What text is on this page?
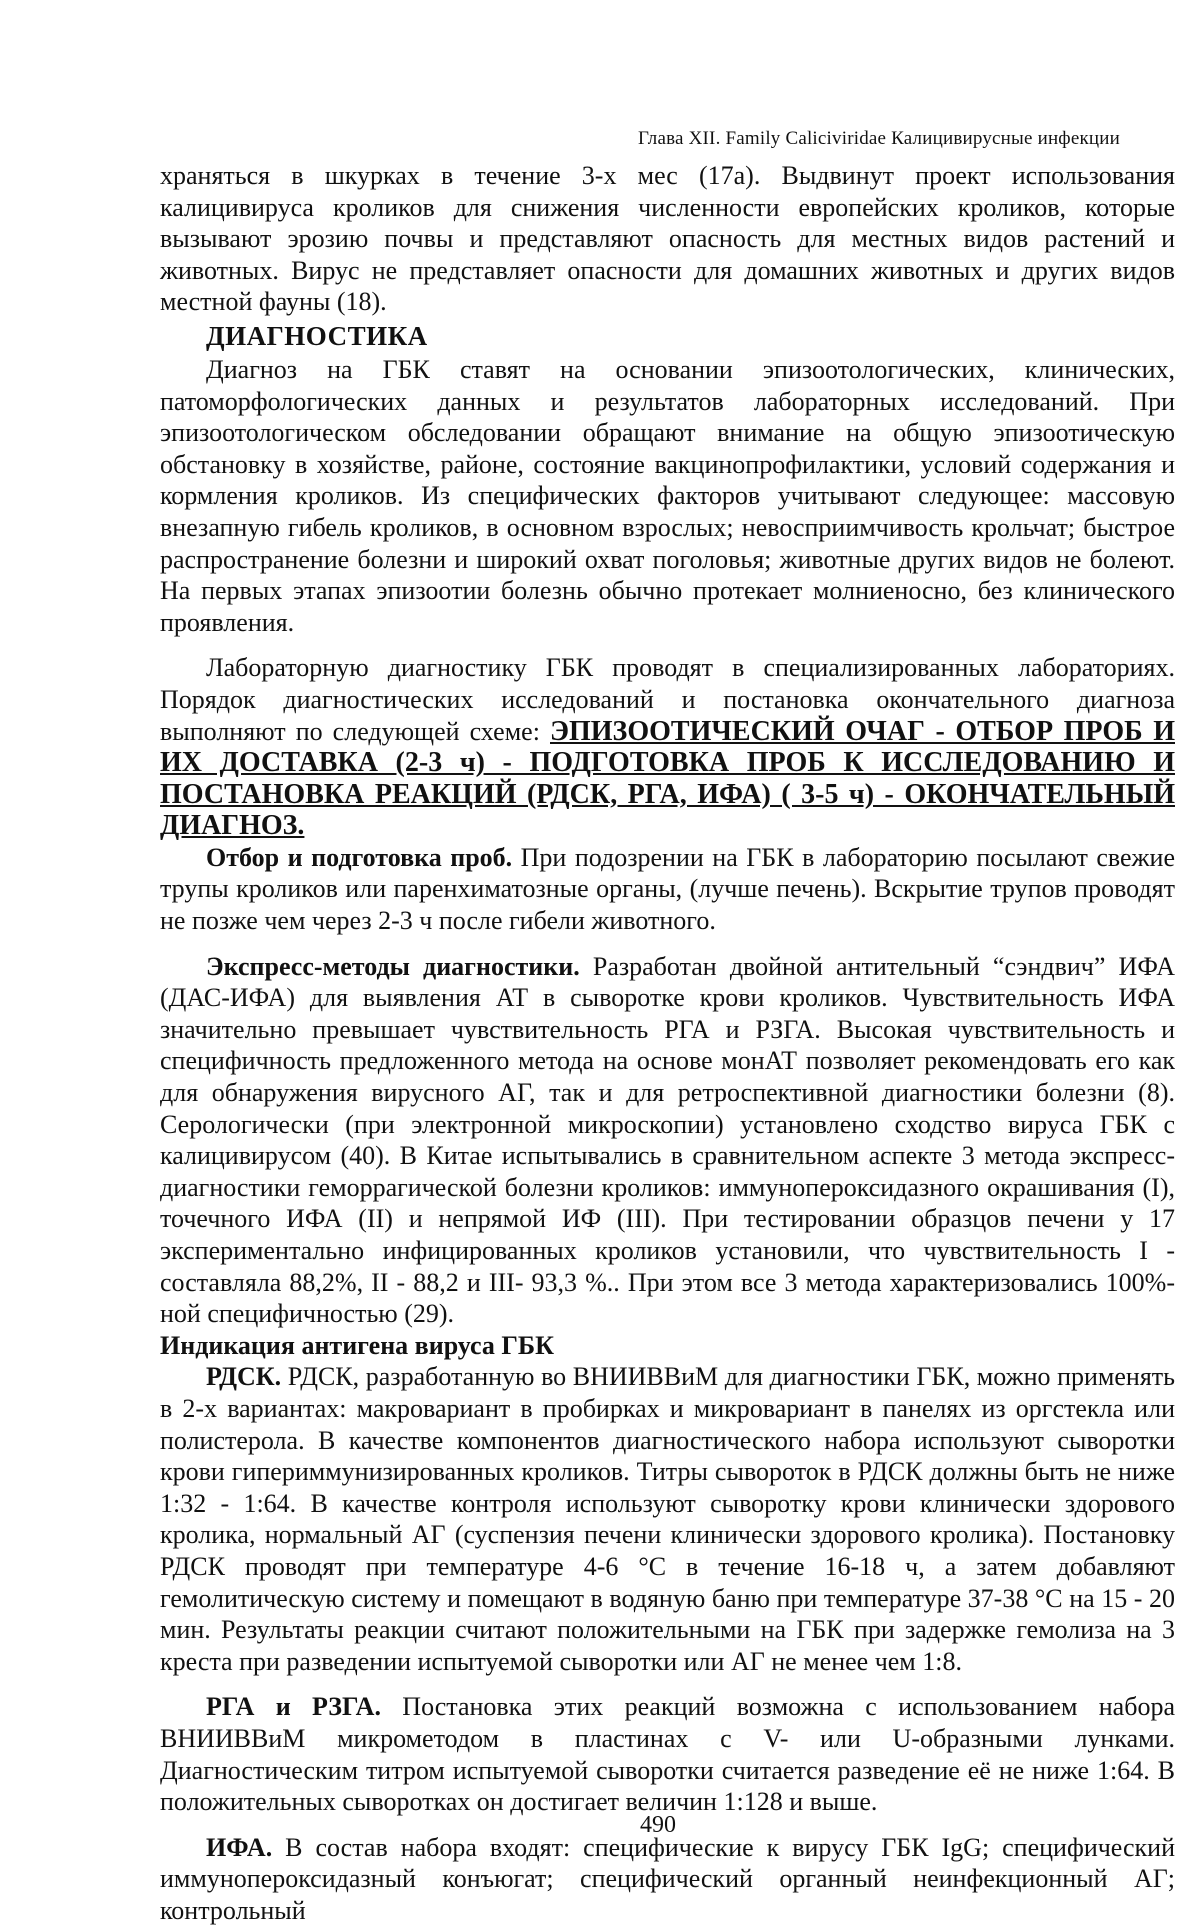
Глава XII. Family Caliciviridae Калицивирусные инфекции

храняться в шкурках в течение 3-х мес (17а). Выдвинут проект использования калицивируса кроликов для снижения численности европейских кроликов, которые вызывают эрозию почвы и представляют опасность для местных видов растений и животных. Вирус не представляет опасности для домашних животных и других видов местной фауны (18).

ДИАГНОСТИКА

Диагноз на ГБК ставят на основании эпизоотологических, клинических, патоморфологических данных и результатов лабораторных исследований. При эпизоотологическом обследовании обращают внимание на общую эпизоотическую обстановку в хозяйстве, районе, состояние вакцинопрофилактики, условий содержания и кормления кроликов. Из специфических факторов учитывают следующее: массовую внезапную гибель кроликов, в основном взрослых; невосприимчивость крольчат; быстрое распространение болезни и широкий охват поголовья; животные других видов не болеют. На первых этапах эпизоотии болезнь обычно протекает молниеносно, без клинического проявления.

Лабораторную диагностику ГБК проводят в специализированных лабораториях. Порядок диагностических исследований и постановка окончательного диагноза выполняют по следующей схеме: ЭПИЗООТИЧЕСКИЙ ОЧАГ - ОТБОР ПРОБ И ИХ ДОСТАВКА (2-3 ч) - ПОДГОТОВКА ПРОБ К ИССЛЕДОВАНИЮ И ПОСТАНОВКА РЕАКЦИЙ (РДСК, РГА, ИФА) ( 3-5 ч) - ОКОНЧАТЕЛЬНЫЙ ДИАГНОЗ.

Отбор и подготовка проб. При подозрении на ГБК в лабораторию посылают свежие трупы кроликов или паренхиматозные органы, (лучше печень). Вскрытие трупов проводят не позже чем через 2-3 ч после гибели животного.

Экспресс-методы диагностики. Разработан двойной антительный “сэндвич” ИФА (ДАС-ИФА) для выявления АТ в сыворотке крови кроликов. Чувствительность ИФА значительно превышает чувствительность РГА и РЗГА. Высокая чувствительность и специфичность предложенного метода на основе монАТ позволяет рекомендовать его как для обнаружения вирусного АГ, так и для ретроспективной диагностики болезни (8). Серологически (при электронной микроскопии) установлено сходство вируса ГБК с калицивирусом (40). В Китае испытывались в сравнительном аспекте 3 метода экспресс-диагностики геморрагической болезни кроликов: иммунопероксидазного окрашивания (I), точечного ИФА (II) и непрямой ИФ (III). При тестировании образцов печени у 17 экспериментально инфицированных кроликов установили, что чувствительность I - составляла 88,2%, II - 88,2 и III- 93,3 %.. При этом все 3 метода характеризовались 100%-ной специфичностью (29).

Индикация антигена вируса ГБК

РДСК. РДСК, разработанную во ВНИИВВиМ для диагностики ГБК, можно применять в 2-х вариантах: макровариант в пробирках и микровариант в панелях из оргстекла или полистерола. В качестве компонентов диагностического набора используют сыворотки крови гипериммунизированных кроликов. Титры сывороток в РДСК должны быть не ниже 1:32 - 1:64. В качестве контроля используют сыворотку крови клинически здорового кролика, нормальный АГ (суспензия печени клинически здорового кролика). Постановку РДСК проводят при температуре 4-6 °С в течение 16-18 ч, а затем добавляют гемолитическую систему и помещают в водяную баню при температуре 37-38 °С на 15 - 20 мин. Результаты реакции считают положительными на ГБК при задержке гемолиза на 3 креста при разведении испытуемой сыворотки или АГ не менее чем 1:8.

РГА и РЗГА. Постановка этих реакций возможна с использованием набора ВНИИВВиМ микрометодом в пластинах с V- или U-образными лунками. Диагностическим титром испытуемой сыворотки считается разведение её не ниже 1:64. В положительных сыворотках он достигает величин 1:128 и выше.

ИФА. В состав набора входят: специфические к вирусу ГБК IgG; специфический иммунопероксидазный конъюгат; специфический органный неинфекционный АГ; контрольный

490
